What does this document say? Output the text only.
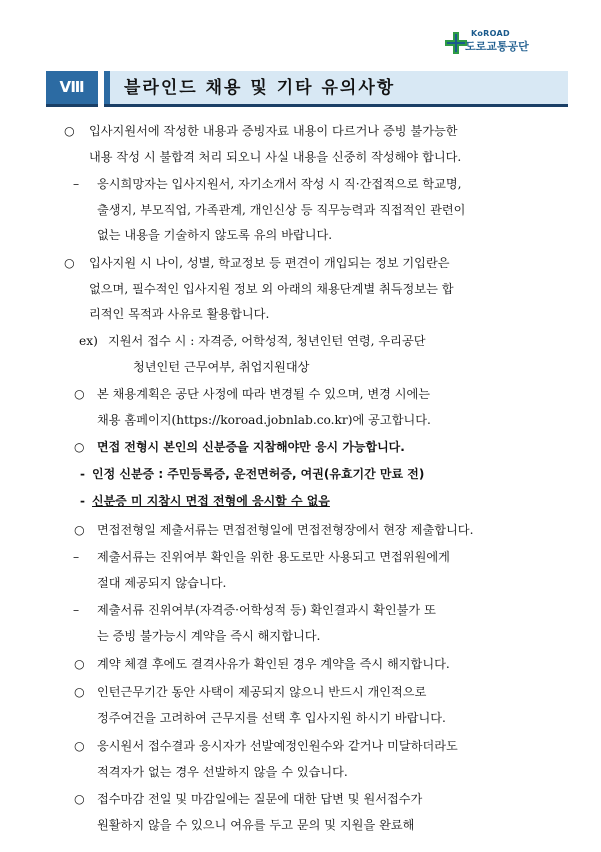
KoROAD
도로교통공단
Ⅷ	블라인드 채용 및 기타 유의사항
○ 입사지원서에 작성한 내용과 증빙자료 내용이 다르거나 증빙 불가능한
내용 작성 시 불합격 처리 되오니 사실 내용을 신중히 작성해야 합니다.
– 응시희망자는 입사지원서, 자기소개서 작성 시 직·간접적으로 학교명,
출생지, 부모직업, 가족관계, 개인신상 등 직무능력과 직접적인 관련이
없는 내용을 기술하지 않도록 유의 바랍니다.
○ 입사지원 시 나이, 성별, 학교정보 등 편견이 개입되는 정보 기입란은
없으며, 필수적인 입사지원 정보 외 아래의 채용단계별 취득정보는 합
리적인 목적과 사유로 활용합니다.
ex) 지원서 접수 시 : 자격증, 어학성적, 청년인턴 연령, 우리공단
청년인턴 근무여부, 취업지원대상
○ 본 채용계획은 공단 사정에 따라 변경될 수 있으며, 변경 시에는
채용 홈페이지(https://koroad.jobnlab.co.kr)에 공고합니다.
○ 면접 전형시 본인의 신분증을 지참해야만 응시 가능합니다.
- 인정 신분증 : 주민등록증, 운전면허증, 여권(유효기간 만료 전)
- 신분증 미 지참시 면접 전형에 응시할 수 없음
○ 면접전형일 제출서류는 면접전형일에 면접전형장에서 현장 제출합니다.
– 제출서류는 진위여부 확인을 위한 용도로만 사용되고 면접위원에게
절대 제공되지 않습니다.
– 제출서류 진위여부(자격증·어학성적 등) 확인결과시 확인불가 또
는 증빙 불가능시 계약을 즉시 해지합니다.
○ 계약 체결 후에도 결격사유가 확인된 경우 계약을 즉시 해지합니다.
○ 인턴근무기간 동안 사택이 제공되지 않으니 반드시 개인적으로
정주여건을 고려하여 근무지를 선택 후 입사지원 하시기 바랍니다.
○ 응시원서 접수결과 응시자가 선발예정인원수와 같거나 미달하더라도
적격자가 없는 경우 선발하지 않을 수 있습니다.
○ 접수마감 전일 및 마감일에는 질문에 대한 답변 및 원서접수가
원활하지 않을 수 있으니 여유를 두고 문의 및 지원을 완료해
